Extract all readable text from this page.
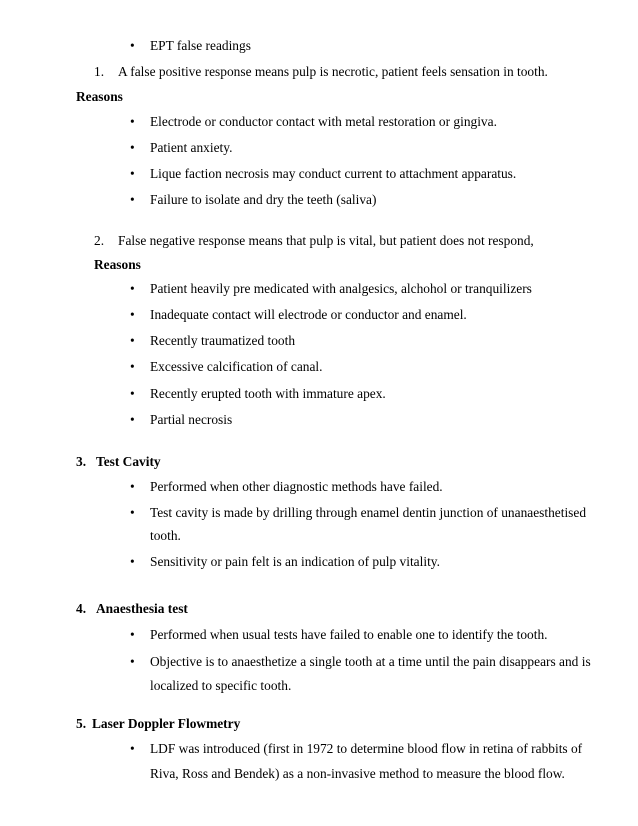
• EPT false readings
1. A false positive response means pulp is necrotic, patient feels sensation in tooth.
Reasons
• Electrode or conductor contact with metal restoration or gingiva.
• Patient anxiety.
• Lique faction necrosis may conduct current to attachment apparatus.
• Failure to isolate and dry the teeth (saliva)
2. False negative response means that pulp is vital, but patient does not respond,
Reasons
• Patient heavily pre medicated with analgesics, alchohol or tranquilizers
• Inadequate contact will electrode or conductor and enamel.
• Recently traumatized tooth
• Excessive calcification of canal.
• Recently erupted tooth with immature apex.
• Partial necrosis
3. Test Cavity
• Performed when other diagnostic methods have failed.
• Test cavity is made by drilling through enamel dentin junction of unanaesthetised
tooth.
• Sensitivity or pain felt is an indication of pulp vitality.
4. Anaesthesia test
• Performed when usual tests have failed to enable one to identify the tooth.
• Objective is to anaesthetize a single tooth at a time until the pain disappears and is
localized to specific tooth.
5. Laser Doppler Flowmetry
• LDF was introduced (first in 1972 to determine blood flow in retina of rabbits of
Riva, Ross and Bendek) as a non-invasive method to measure the blood flow.
